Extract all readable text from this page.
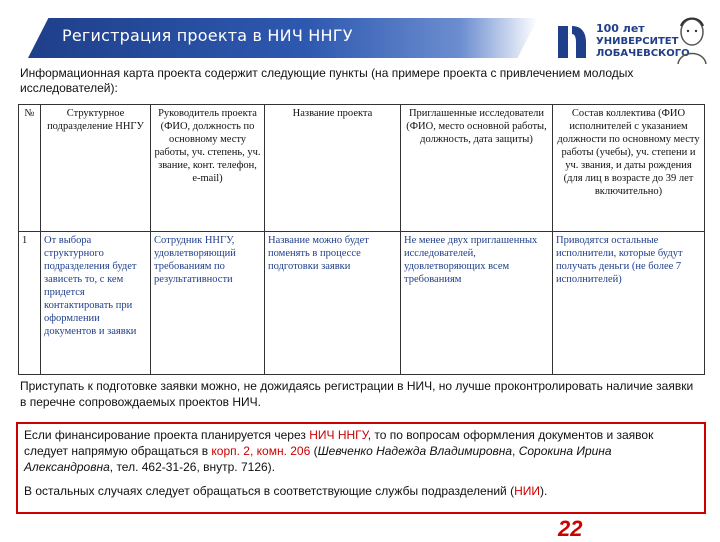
Регистрация проекта в НИЧ ННГУ	100 лет
УНИВЕРСИТЕТ
ЛОБАЧЕВСКОГО
Информационная карта проекта содержит следующие пункты (на примере проекта с привлечением молодых исследователей):
№	Структурное подразделение ННГУ	Руководитель проекта (ФИО, должность по основному месту работы, уч. степень, уч. звание, конт. телефон, e-mail)	Название проекта	Приглашенные исследователи (ФИО, место основной работы, должность, дата защиты)	Состав коллектива (ФИО исполнителей с указанием должности по основному месту работы (учебы), уч. степени и уч. звания, и даты рождения (для лиц в возрасте до 39 лет включительно)
1	От выбора структурного подразделения будет зависеть то, с кем придется контактировать при оформлении документов и заявки	Сотрудник ННГУ, удовлетворяющий требованиям по результативности	Название можно будет поменять в процессе подготовки заявки	Не менее двух приглашенных исследователей, удовлетворяющих всем требованиям	Приводятся остальные исполнители, которые будут получать деньги (не более 7 исполнителей)
Приступать к подготовке заявки можно, не дожидаясь регистрации в НИЧ, но лучше проконтролировать наличие заявки в перечне сопровождаемых проектов НИЧ.
Если финансирование проекта планируется через НИЧ ННГУ, то по вопросам оформления документов и заявок следует напрямую обращаться в корп. 2, комн. 206 (Шевченко Надежда Владимировна, Сорокина Ирина Александровна, тел. 462-31-26, внутр. 7126).
В остальных случаях следует обращаться в соответствующие службы подразделений (НИИ).
22
